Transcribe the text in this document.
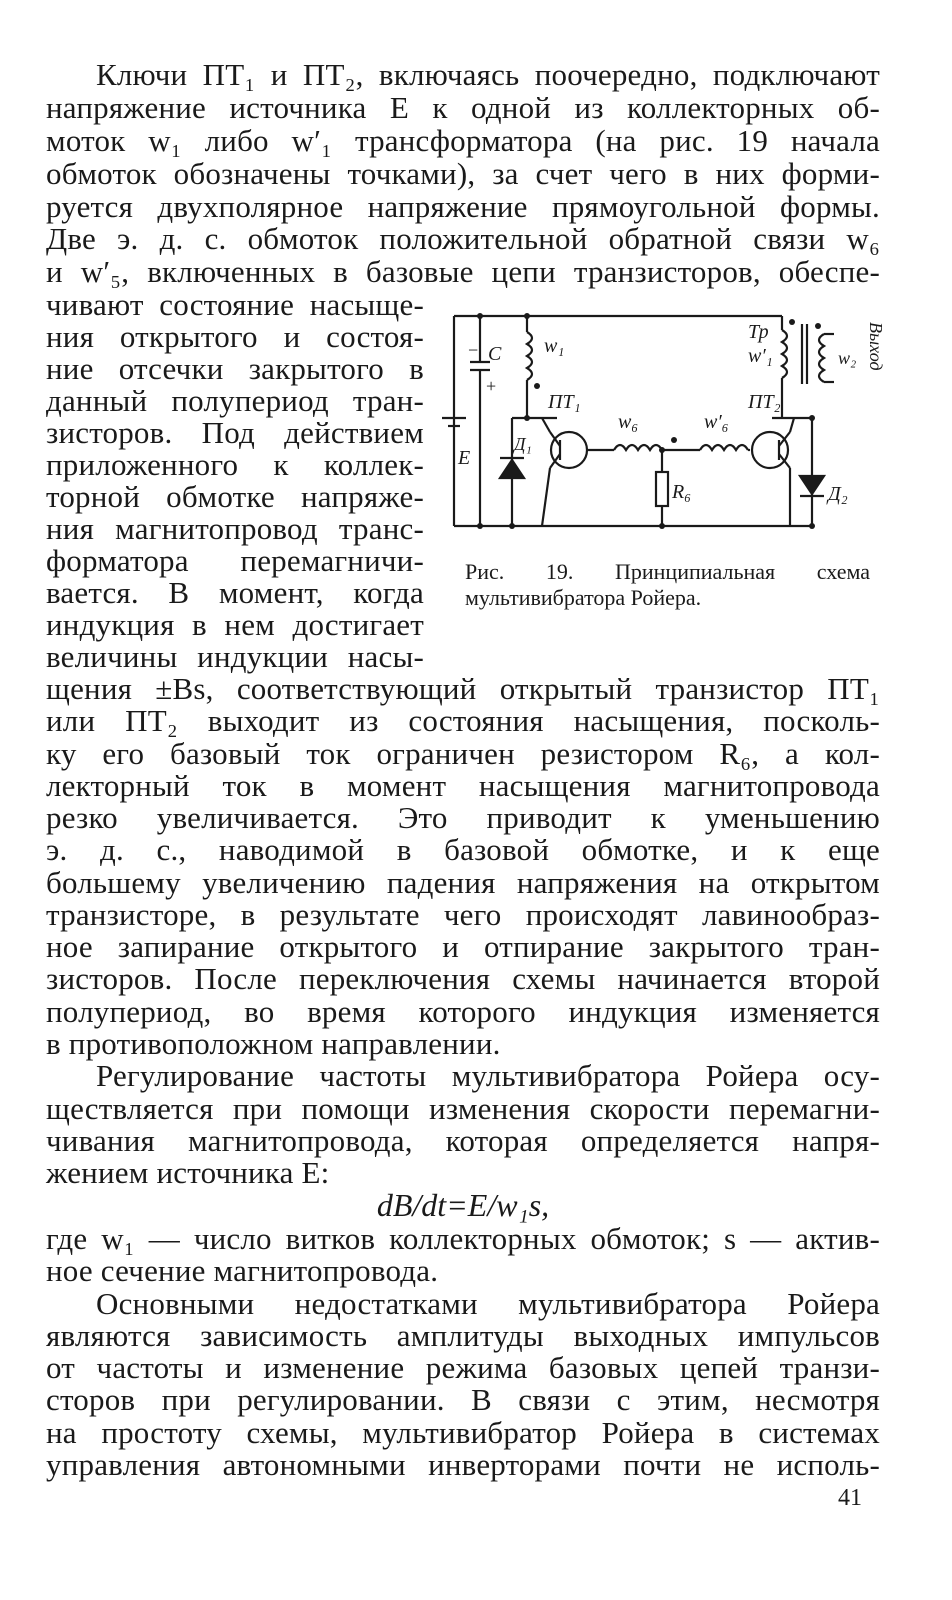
Ключи ПТ₁ и ПТ₂, включаясь поочередно, подключают
напряжение источника E к одной из коллекторных об-
моток w₁ либо w′₁ трансформатора (на рис. 19 начала
обмоток обозначены точками), за счет чего в них форми-
руется двухполярное напряжение прямоугольной формы.
Две э. д. с. обмоток положительной обратной связи w₆
и w′₅, включенных в базовые цепи транзисторов, обеспе-
чивают состояние насыще-
ния открытого и состоя-
ние отсечки закрытого в
данный полупериод тран-
зисторов. Под действием
приложенного к коллек-
торной обмотке напряже-
ния магнитопровод транс-
форматора перемагничи-
вается. В момент, когда
индукция в нем достигает
величины индукции насы-
C
+
−
E
w₁
ПТ₁
w₆
R₆
w′₆
ПТ₂
Д₁
Д₂
Тр
w′₁	w₂ Выход
Рис. 19. Принципиальная схема
мультивибратора Ройера.
щения ±Bs, соответствующий открытый транзистор ПТ₁
или ПТ₂ выходит из состояния насыщения, посколь-
ку его базовый ток ограничен резистором R₆, а кол-
лекторный ток в момент насыщения магнитопровода
резко увеличивается. Это приводит к уменьшению
э. д. с., наводимой в базовой обмотке, и к еще
большему увеличению падения напряжения на открытом
транзисторе, в результате чего происходят лавинообраз-
ное запирание открытого и отпирание закрытого тран-
зисторов. После переключения схемы начинается второй
полупериод, во время которого индукция изменяется
в противоположном направлении.
Регулирование частоты мультивибратора Ройера осу-
ществляется при помощи изменения скорости перемагни-
чивания магнитопровода, которая определяется напря-
жением источника E:
dB/dt=E/w₁s,
где w₁ — число витков коллекторных обмоток; s — актив-
ное сечение магнитопровода.
Основными недостатками мультивибратора Ройера
являются зависимость амплитуды выходных импульсов
от частоты и изменение режима базовых цепей транзи-
сторов при регулировании. В связи с этим, несмотря
на простоту схемы, мультивибратор Ройера в системах
управления автономными инверторами почти не исполь-
41
